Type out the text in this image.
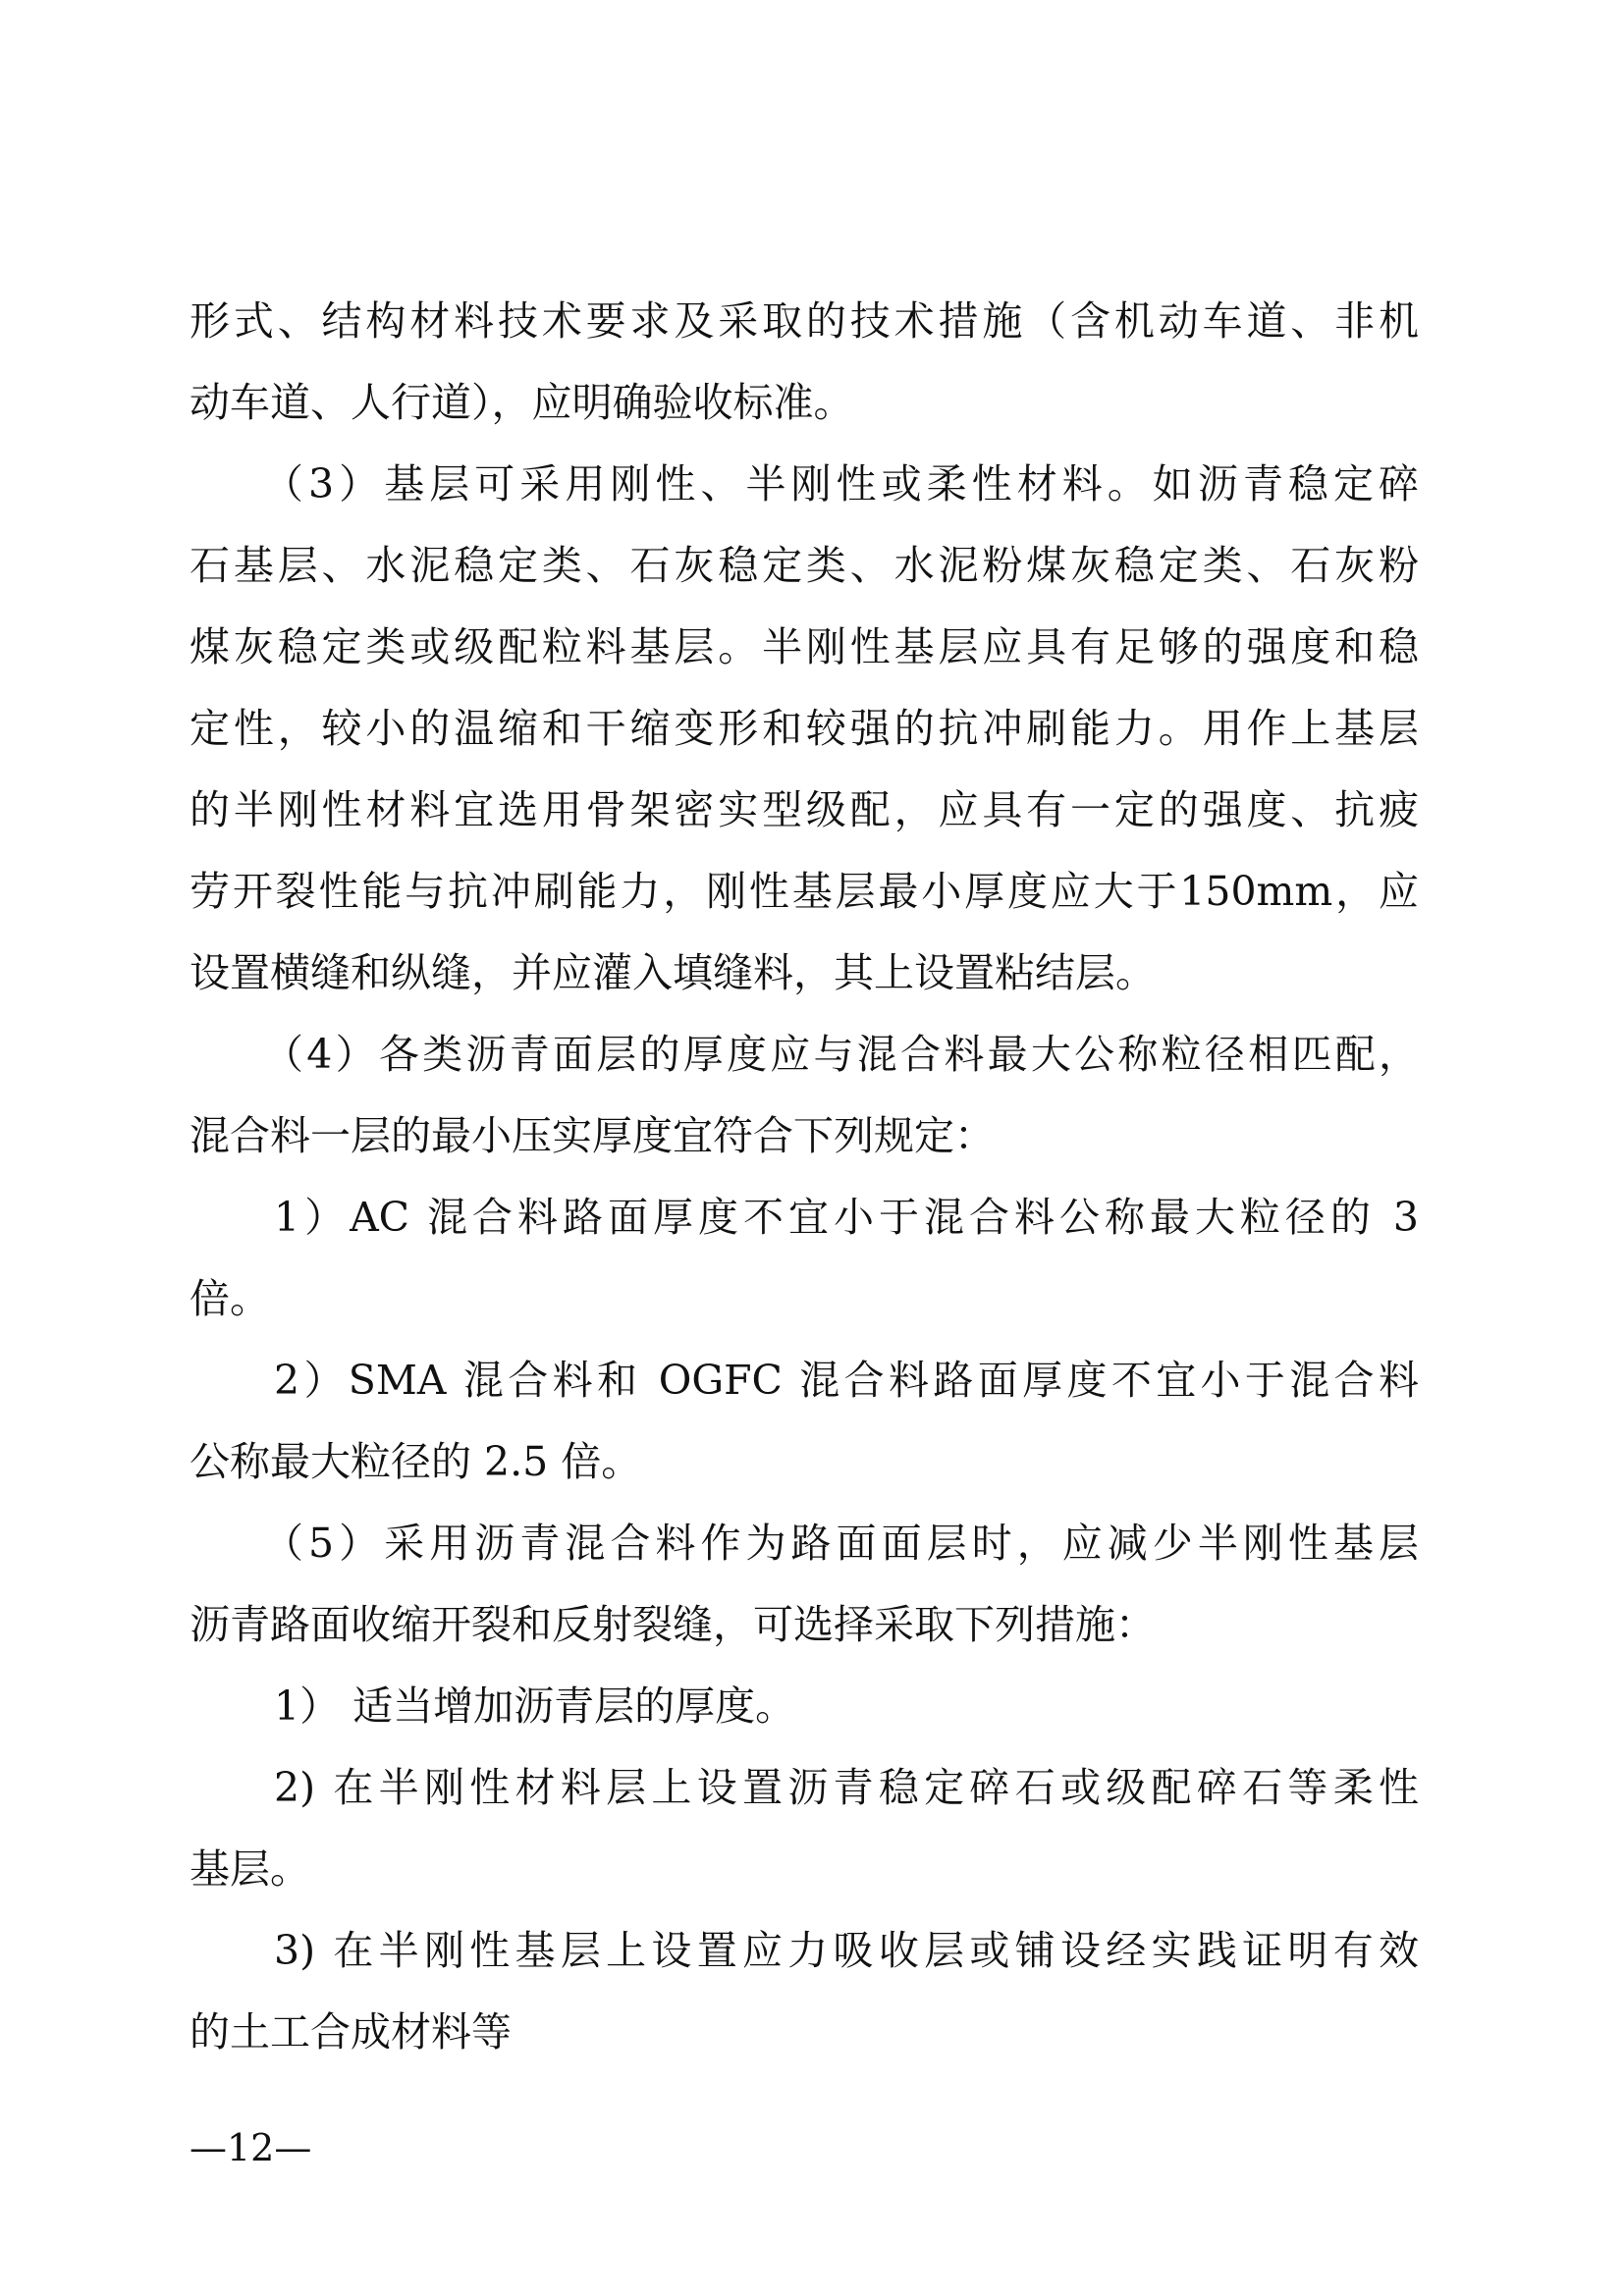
形式、结构材料技术要求及采取的技术措施（含机动车道、非机
动车道、人行道），应明确验收标准。
（3）基层可采用刚性、半刚性或柔性材料。如沥青稳定碎
石基层、水泥稳定类、石灰稳定类、水泥粉煤灰稳定类、石灰粉
煤灰稳定类或级配粒料基层。半刚性基层应具有足够的强度和稳
定性，较小的温缩和干缩变形和较强的抗冲刷能力。用作上基层
的半刚性材料宜选用骨架密实型级配，应具有一定的强度、抗疲
劳开裂性能与抗冲刷能力，刚性基层最小厚度应大于150mm，应
设置横缝和纵缝，并应灌入填缝料，其上设置粘结层。
（4）各类沥青面层的厚度应与混合料最大公称粒径相匹配，
混合料一层的最小压实厚度宜符合下列规定：
1）AC 混合料路面厚度不宜小于混合料公称最大粒径的 3
倍。
2）SMA 混合料和 OGFC 混合料路面厚度不宜小于混合料
公称最大粒径的 2.5 倍。
（5）采用沥青混合料作为路面面层时，应减少半刚性基层
沥青路面收缩开裂和反射裂缝，可选择采取下列措施：
1） 适当增加沥青层的厚度。
2) 在半刚性材料层上设置沥青稳定碎石或级配碎石等柔性
基层。
3) 在半刚性基层上设置应力吸收层或铺设经实践证明有效
的土工合成材料等
—12—
